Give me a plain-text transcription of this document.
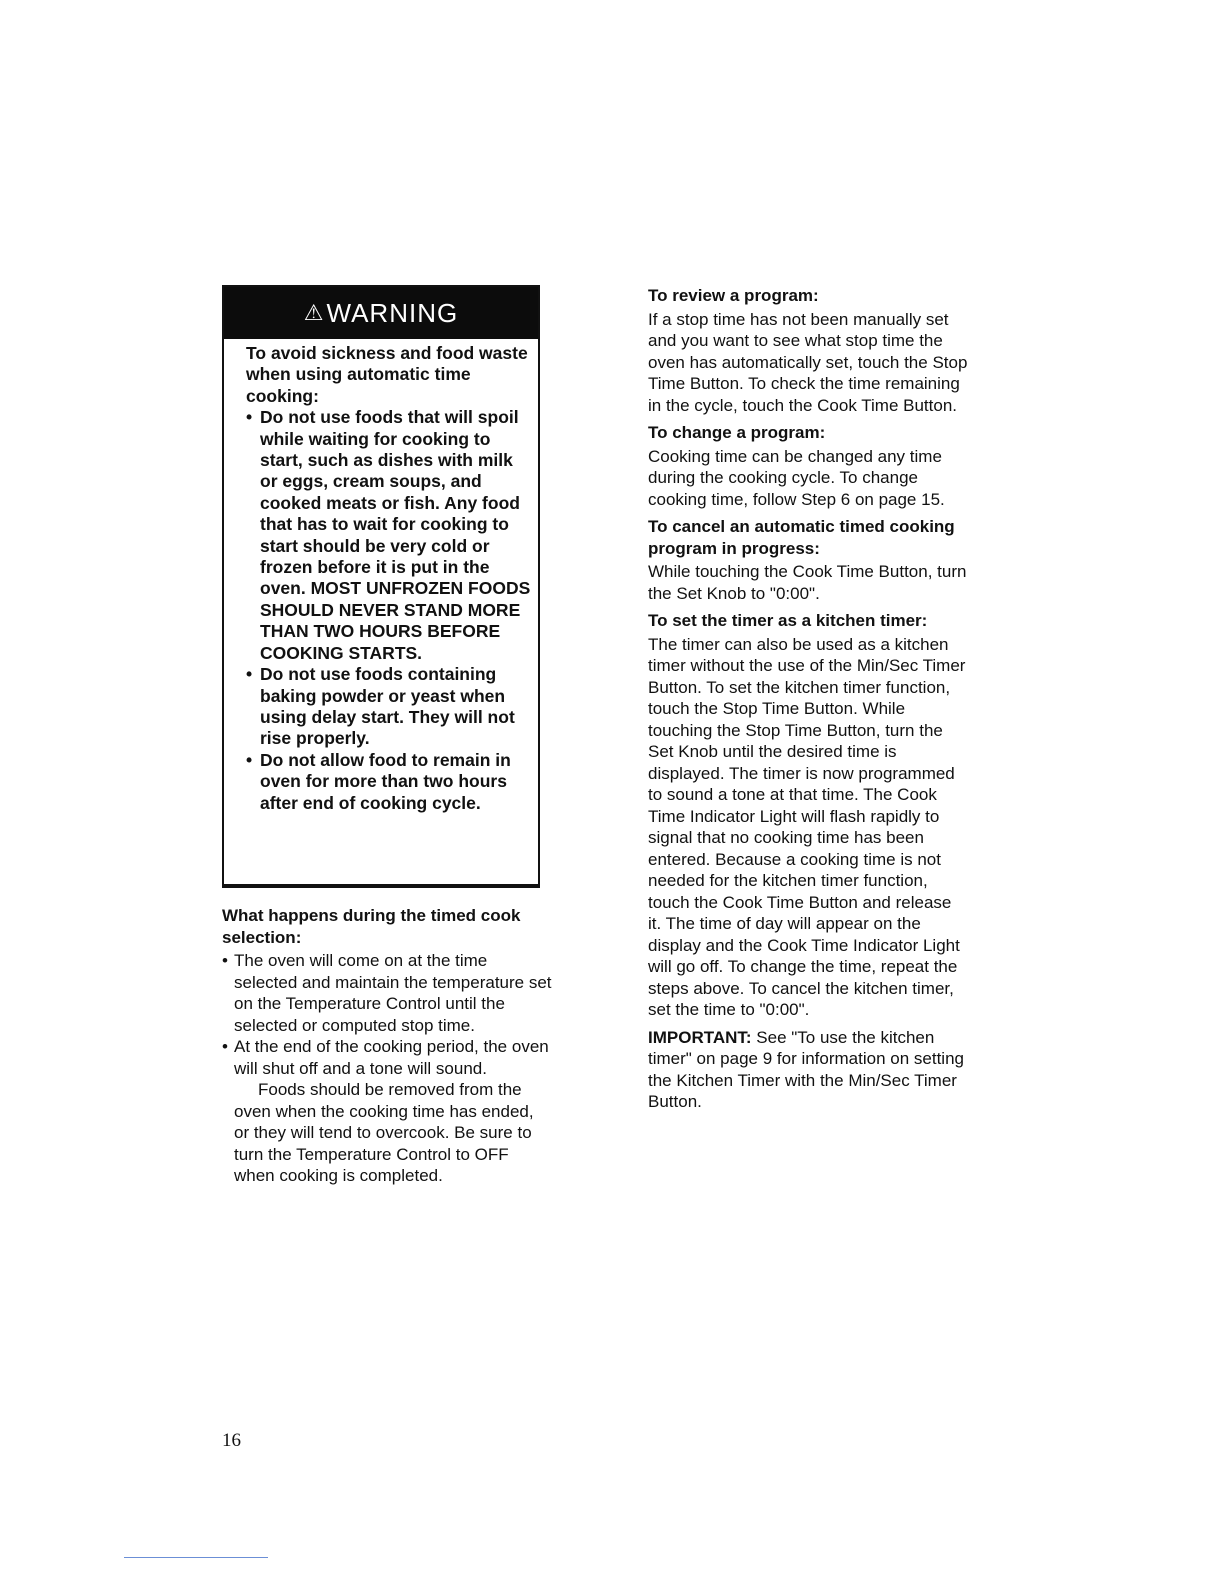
⚠ WARNING
To avoid sickness and food waste when using automatic time cooking:
• Do not use foods that will spoil while waiting for cooking to start, such as dishes with milk or eggs, cream soups, and cooked meats or fish. Any food that has to wait for cooking to start should be very cold or frozen before it is put in the oven. MOST UNFROZEN FOODS SHOULD NEVER STAND MORE THAN TWO HOURS BEFORE COOKING STARTS.
• Do not use foods containing baking powder or yeast when using delay start. They will not rise properly.
• Do not allow food to remain in oven for more than two hours after end of cooking cycle.

What happens during the timed cook selection:

• The oven will come on at the time selected and maintain the temperature set on the Temperature Control until the selected or computed stop time.

• At the end of the cooking period, the oven will shut off and a tone will sound.

Foods should be removed from the oven when the cooking time has ended, or they will tend to overcook. Be sure to turn the Temperature Control to OFF when cooking is completed.

To review a program:

If a stop time has not been manually set and you want to see what stop time the oven has automatically set, touch the Stop Time Button. To check the time remaining in the cycle, touch the Cook Time Button.

To change a program:

Cooking time can be changed any time during the cooking cycle. To change cooking time, follow Step 6 on page 15.

To cancel an automatic timed cooking program in progress:

While touching the Cook Time Button, turn the Set Knob to "0:00".

To set the timer as a kitchen timer:

The timer can also be used as a kitchen timer without the use of the Min/Sec Timer Button. To set the kitchen timer function, touch the Stop Time Button. While touching the Stop Time Button, turn the Set Knob until the desired time is displayed. The timer is now programmed to sound a tone at that time. The Cook Time Indicator Light will flash rapidly to signal that no cooking time has been entered. Because a cooking time is not needed for the kitchen timer function, touch the Cook Time Button and release it. The time of day will appear on the display and the Cook Time Indicator Light will go off. To change the time, repeat the steps above. To cancel the kitchen timer, set the time to "0:00".

IMPORTANT: See "To use the kitchen timer" on page 9 for information on setting the Kitchen Timer with the Min/Sec Timer Button.

16
